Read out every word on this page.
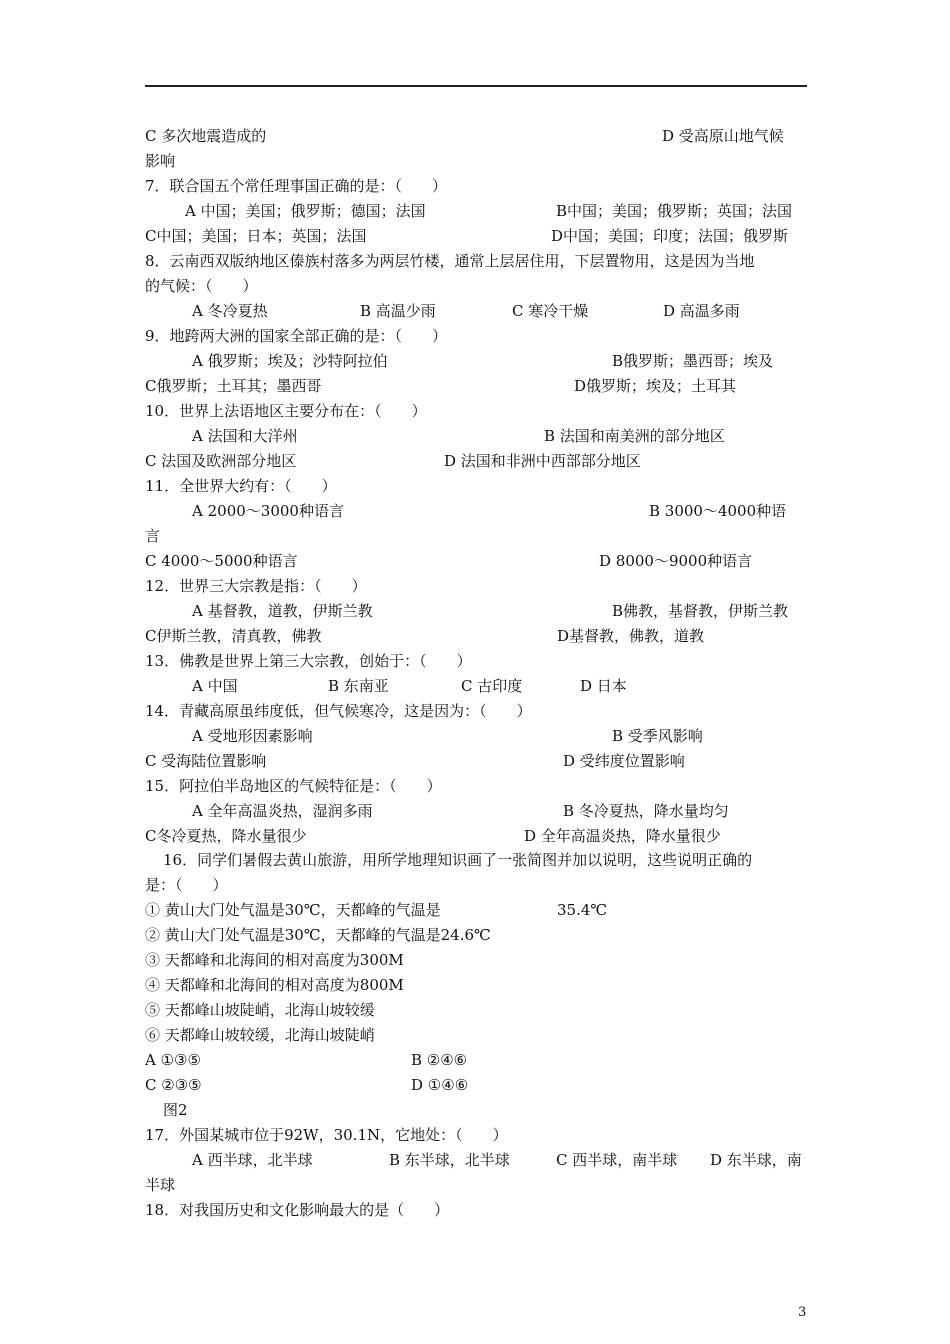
C 多次地震造成的	D 受高原山地气候
影响
7．联合国五个常任理事国正确的是：（　　）
A 中国；美国；俄罗斯；德国；法国	B中国；美国；俄罗斯；英国；法国
C中国；美国；日本；英国；法国	D中国；美国；印度；法国；俄罗斯
8．云南西双版纳地区傣族村落多为两层竹楼，通常上层居住用，下层置物用，这是因为当地
的气候：（　　）
A 冬冷夏热	B 高温少雨	C 寒冷干燥	D 高温多雨
9．地跨两大洲的国家全部正确的是：（　　）
A 俄罗斯；埃及；沙特阿拉伯	B俄罗斯；墨西哥；埃及
C俄罗斯；土耳其；墨西哥	D俄罗斯；埃及；土耳其
10．世界上法语地区主要分布在：（　　）
A 法国和大洋州	B 法国和南美洲的部分地区
C 法国及欧洲部分地区	D 法国和非洲中西部部分地区
11．全世界大约有：（　　）
A 2000～3000种语言	B 3000～4000种语
言
C 4000～5000种语言	D 8000～9000种语言
12．世界三大宗教是指：（　　）
A 基督教，道教，伊斯兰教	B佛教，基督教，伊斯兰教
C伊斯兰教，清真教，佛教	D基督教，佛教，道教
13．佛教是世界上第三大宗教，创始于：（　　）
A 中国	B 东南亚	C 古印度	D 日本
14．青藏高原虽纬度低，但气候寒冷，这是因为：（　　）
A 受地形因素影响	B 受季风影响
C 受海陆位置影响	D 受纬度位置影响
15．阿拉伯半岛地区的气候特征是：（　　）
A 全年高温炎热，湿润多雨	B 冬冷夏热，降水量均匀
C冬冷夏热，降水量很少	D 全年高温炎热，降水量很少
16．同学们暑假去黄山旅游，用所学地理知识画了一张简图并加以说明，这些说明正确的
是：（　　）
① 黄山大门处气温是30℃，天都峰的气温是	35.4℃
② 黄山大门处气温是30℃，天都峰的气温是24.6℃
③ 天都峰和北海间的相对高度为300M
④ 天都峰和北海间的相对高度为800M
⑤ 天都峰山坡陡峭，北海山坡较缓
⑥ 天都峰山坡较缓，北海山坡陡峭
A ①③⑤	B ②④⑥
C ②③⑤	D ①④⑥
图2
17．外国某城市位于92W，30.1N，它地处：（　　）
A 西半球，北半球	B 东半球，北半球	C 西半球，南半球 D 东半球，南
半球
18．对我国历史和文化影响最大的是（　　）
3
